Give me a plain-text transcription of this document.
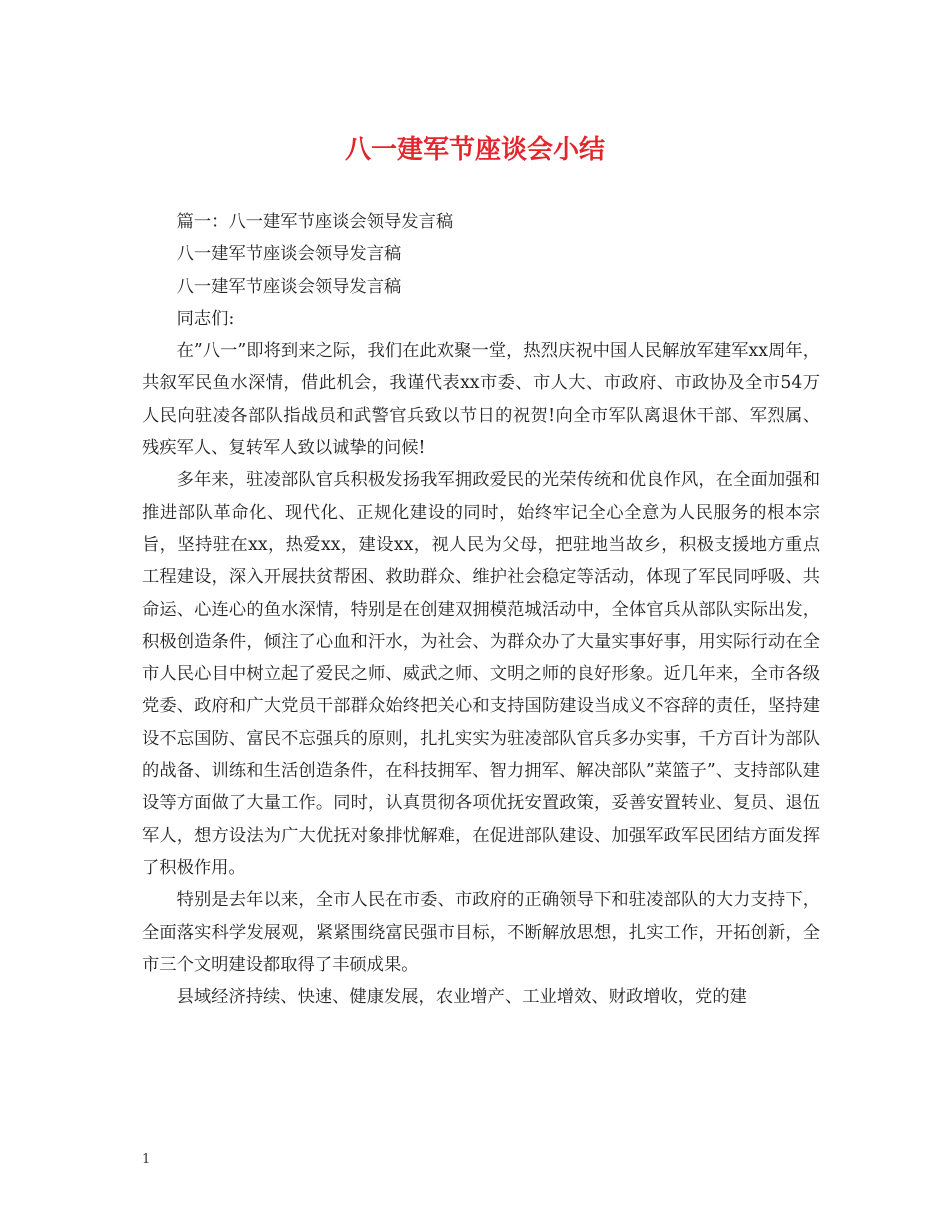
八一建军节座谈会小结

篇一：八一建军节座谈会领导发言稿

八一建军节座谈会领导发言稿

八一建军节座谈会领导发言稿

同志们:

在”八一”即将到来之际，我们在此欢聚一堂，热烈庆祝中国人民解放军建军xx周年，共叙军民鱼水深情，借此机会，我谨代表xx市委、市人大、市政府、市政协及全市54万人民向驻凌各部队指战员和武警官兵致以节日的祝贺!向全市军队离退休干部、军烈属、残疾军人、复转军人致以诚挚的问候!

多年来，驻凌部队官兵积极发扬我军拥政爱民的光荣传统和优良作风，在全面加强和推进部队革命化、现代化、正规化建设的同时，始终牢记全心全意为人民服务的根本宗旨，坚持驻在xx，热爱xx，建设xx，视人民为父母，把驻地当故乡，积极支援地方重点工程建设，深入开展扶贫帮困、救助群众、维护社会稳定等活动，体现了军民同呼吸、共命运、心连心的鱼水深情，特别是在创建双拥模范城活动中，全体官兵从部队实际出发，积极创造条件，倾注了心血和汗水，为社会、为群众办了大量实事好事，用实际行动在全市人民心目中树立起了爱民之师、威武之师、文明之师的良好形象。近几年来，全市各级党委、政府和广大党员干部群众始终把关心和支持国防建设当成义不容辞的责任，坚持建设不忘国防、富民不忘强兵的原则，扎扎实实为驻凌部队官兵多办实事，千方百计为部队的战备、训练和生活创造条件，在科技拥军、智力拥军、解决部队”菜篮子”、支持部队建设等方面做了大量工作。同时，认真贯彻各项优抚安置政策，妥善安置转业、复员、退伍军人，想方设法为广大优抚对象排忧解难，在促进部队建设、加强军政军民团结方面发挥了积极作用。

特别是去年以来，全市人民在市委、市政府的正确领导下和驻凌部队的大力支持下，全面落实科学发展观，紧紧围绕富民强市目标，不断解放思想，扎实工作，开拓创新，全市三个文明建设都取得了丰硕成果。

县域经济持续、快速、健康发展，农业增产、工业增效、财政增收，党的建

1
